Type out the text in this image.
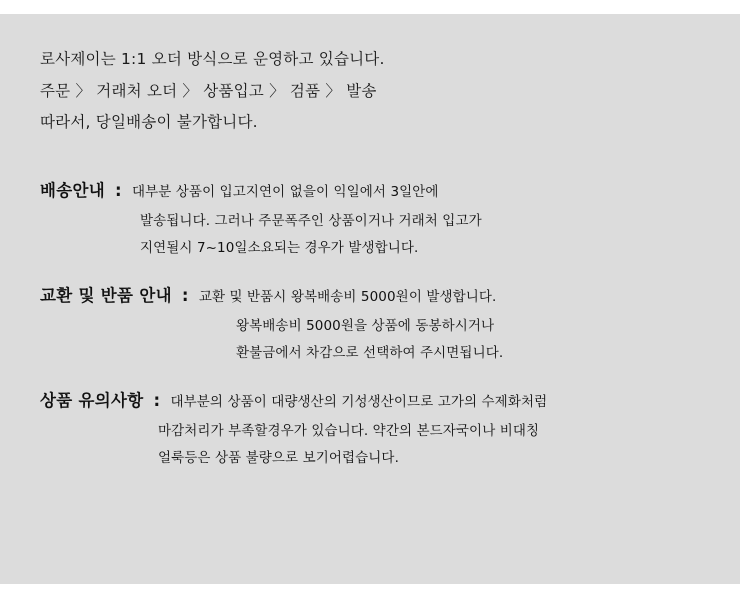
로사제이는 1:1 오더 방식으로 운영하고 있습니다.
주문 〉 거래처 오더 〉 상품입고 〉 검품 〉 발송
따라서, 당일배송이 불가합니다.
배송안내 : 대부분 상품이 입고지연이 없을이 익일에서 3일안에
발송됩니다. 그러나 주문폭주인 상품이거나 거래처 입고가
지연될시 7~10일소요되는 경우가 발생합니다.
교환 및 반품 안내 : 교환 및 반품시 왕복배송비 5000원이 발생합니다.
왕복배송비 5000원을 상품에 동봉하시거나
환불금에서 차감으로 선택하여 주시면됩니다.
상품 유의사항 : 대부분의 상품이 대량생산의 기성생산이므로 고가의 수제화처럼
마감처리가 부족할경우가 있습니다. 약간의 본드자국이나 비대칭
얼룩등은 상품 불량으로 보기어렵습니다.
